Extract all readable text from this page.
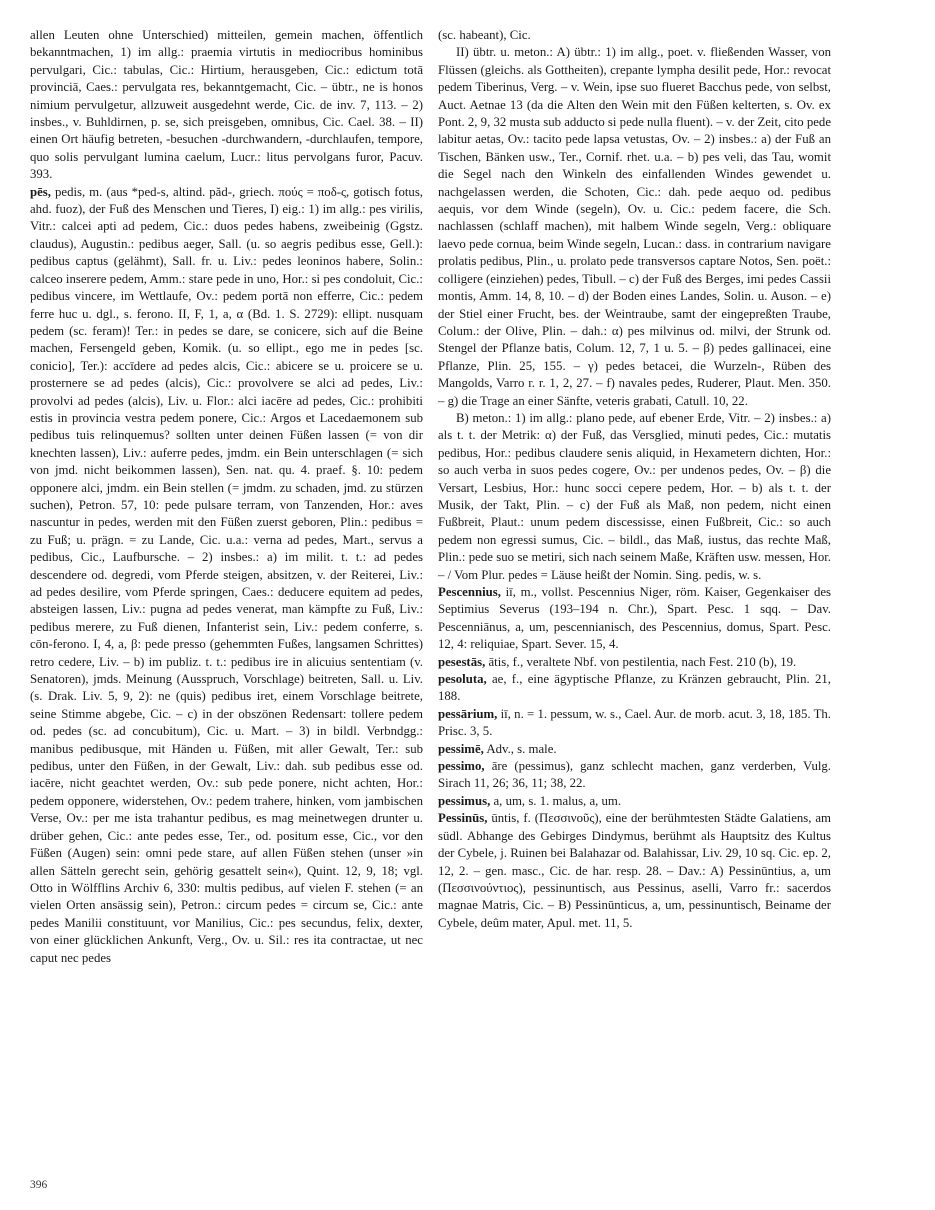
allen Leuten ohne Unterschied) mitteilen, gemein machen, öffentlich bekanntmachen, 1) im allg.: praemia virtutis in mediocribus hominibus pervulgari, Cic.: tabulas, Cic.: Hirtium, herausgeben, Cic.: edictum totā provinciā, Caes.: pervulgata res, bekanntgemacht, Cic. – übtr., ne is honos nimium pervulgetur, allzuweit ausgedehnt werde, Cic. de inv. 7, 113. – 2) insbes., v. Buhldirnen, p. se, sich preisgeben, omnibus, Cic. Cael. 38. – II) einen Ort häufig betreten, -besuchen -durchwandern, -durchlaufen, tempore, quo solis pervulgant lumina caelum, Lucr.: litus pervolgans furor, Pacuv. 393.

pēs, pedis, m. (aus *ped-s, altind. păd-, griech. πούς = ποδ-ς, gotisch fotus, ahd. fuoz), der Fuß des Menschen und Tieres, I) eig.: 1) im allg.: pes virilis, Vitr.: calcei apti ad pedem, Cic.: duos pedes habens, zweibeinig (Ggstz. claudus), Augustin.: pedibus aeger, Sall. (u. so aegris pedibus esse, Gell.): pedibus captus (gelähmt), Sall. fr. u. Liv.: pedes leoninos habere, Solin.: calceo inserere pedem, Amm.: stare pede in uno, Hor.: si pes condoluit, Cic.: pedibus vincere, im Wettlaufe, Ov.: pedem portā non efferre, Cic.: pedem ferre huc u. dgl., s. ferono. II, F, 1, a, α (Bd. 1. S. 2729): ellipt. nusquam pedem (sc. feram)! Ter.: in pedes se dare, se conicere, sich auf die Beine machen, Fersengeld geben, Komik. (u. so ellipt., ego me in pedes [sc. conicio], Ter.): accīdere ad pedes alcis, Cic.: abicere se u. proicere se u. prosternere se ad pedes (alcis), Cic.: provolvere se alci ad pedes, Liv.: provolvi ad pedes (alcis), Liv. u. Flor.: alci iacēre ad pedes, Cic.: prohibiti estis in provincia vestra pedem ponere, Cic.: Argos et Lacedaemonem sub pedibus tuis relinquemus? sollten unter deinen Füßen lassen (= von dir knechten lassen), Liv.: auferre pedes, jmdm. ein Bein unterschlagen (= sich von jmd. nicht beikommen lassen), Sen. nat. qu. 4. praef. §. 10: pedem opponere alci, jmdm. ein Bein stellen (= jmdm. zu schaden, jmd. zu stürzen suchen), Petron. 57, 10: pede pulsare terram, von Tanzenden, Hor.: aves nascuntur in pedes, werden mit den Füßen zuerst geboren, Plin.: pedibus = zu Fuß; u. prägn. = zu Lande, Cic. u.a.: verna ad pedes, Mart., servus a pedibus, Cic., Laufbursche. – 2) insbes.: a) im milit. t. t.: ad pedes descendere od. degredi, vom Pferde steigen, absitzen, v. der Reiterei, Liv.: ad pedes desilire, vom Pferde springen, Caes.: deducere equitem ad pedes, absteigen lassen, Liv.: pugna ad pedes venerat, man kämpfte zu Fuß, Liv.: pedibus merere, zu Fuß dienen, Infanterist sein, Liv.: pedem conferre, s. cōn-ferono. I, 4, a, β: pede presso (gehemmten Fußes, langsamen Schrittes) retro cedere, Liv. – b) im publiz. t. t.: pedibus ire in alicuius sententiam (v. Senatoren), jmds. Meinung (Ausspruch, Vorschlage) beitreten, Sall. u. Liv. (s. Drak. Liv. 5, 9, 2): ne (quis) pedibus iret, einem Vorschlage beitrete, seine Stimme abgebe, Cic. – c) in der obszönen Redensart: tollere pedem od. pedes (sc. ad concubitum), Cic. u. Mart. – 3) in bildl. Verbndgg.: manibus pedibusque, mit Händen u. Füßen, mit aller Gewalt, Ter.: sub pedibus, unter den Füßen, in der Gewalt, Liv.: dah. sub pedibus esse od. iacēre, nicht geachtet werden, Ov.: sub pede ponere, nicht achten, Hor.: pedem opponere, widerstehen, Ov.: pedem trahere, hinken, vom jambischen Verse, Ov.: per me ista trahantur pedibus, es mag meinetwegen drunter u. drüber gehen, Cic.: ante pedes esse, Ter., od. positum esse, Cic., vor den Füßen (Augen) sein: omni pede stare, auf allen Füßen stehen (unser »in allen Sätteln gerecht sein, gehörig gesattelt sein«), Quint. 12, 9, 18; vgl. Otto in Wölfflins Archiv 6, 330: multis pedibus, auf vielen F. stehen (= an vielen Orten ansässig sein), Petron.: circum pedes = circum se, Cic.: ante pedes Manilii constituunt, vor Manilius, Cic.: pes secundus, felix, dexter, von einer glücklichen Ankunft, Verg., Ov. u. Sil.: res ita contractae, ut nec caput nec pedes

(sc. habeant), Cic.

II) übtr. u. meton.: A) übtr.: 1) im allg., poet. v. fließenden Wasser, von Flüssen (gleichs. als Gottheiten), crepante lympha desilit pede, Hor.: revocat pedem Tiberinus, Verg. – v. Wein, ipse suo flueret Bacchus pede, von selbst, Auct. Aetnae 13 (da die Alten den Wein mit den Füßen kelterten, s. Ov. ex Pont. 2, 9, 32 musta sub adducto si pede nulla fluent). – v. der Zeit, cito pede labitur aetas, Ov.: tacito pede lapsa vetustas, Ov. – 2) insbes.: a) der Fuß an Tischen, Bänken usw., Ter., Cornif. rhet. u.a. – b) pes veli, das Tau, womit die Segel nach den Winkeln des einfallenden Windes gewendet u. nachgelassen werden, die Schoten, Cic.: dah. pede aequo od. pedibus aequis, vor dem Winde (segeln), Ov. u. Cic.: pedem facere, die Sch. nachlassen (schlaff machen), mit halbem Winde segeln, Verg.: obliquare laevo pede cornua, beim Winde segeln, Lucan.: dass. in contrarium navigare prolatis pedibus, Plin., u. prolato pede transversos captare Notos, Sen. poët.: colligere (einziehen) pedes, Tibull. – c) der Fuß des Berges, imi pedes Cassii montis, Amm. 14, 8, 10. – d) der Boden eines Landes, Solin. u. Auson. – e) der Stiel einer Frucht, bes. der Weintraube, samt der eingepreßten Traube, Colum.: der Olive, Plin. – dah.: α) pes milvinus od. milvi, der Strunk od. Stengel der Pflanze batis, Colum. 12, 7, 1 u. 5. – β) pedes gallinacei, eine Pflanze, Plin. 25, 155. – γ) pedes betacei, die Wurzeln-, Rüben des Mangolds, Varro r. r. 1, 2, 27. – f) navales pedes, Ruderer, Plaut. Men. 350. – g) die Trage an einer Sänfte, veteris grabati, Catull. 10, 22.

B) meton.: 1) im allg.: plano pede, auf ebener Erde, Vitr. – 2) insbes.: a) als t. t. der Metrik: α) der Fuß, das Versglied, minuti pedes, Cic.: mutatis pedibus, Hor.: pedibus claudere senis aliquid, in Hexametern dichten, Hor.: so auch verba in suos pedes cogere, Ov.: per undenos pedes, Ov. – β) die Versart, Lesbius, Hor.: hunc socci cepere pedem, Hor. – b) als t. t. der Musik, der Takt, Plin. – c) der Fuß als Maß, non pedem, nicht einen Fußbreit, Plaut.: unum pedem discessisse, einen Fußbreit, Cic.: so auch pedem non egressi sumus, Cic. – bildl., das Maß, iustus, das rechte Maß, Plin.: pede suo se metiri, sich nach seinem Maße, Kräften usw. messen, Hor. – / Vom Plur. pedes = Läuse heißt der Nomin. Sing. pedis, w. s.

Pescennius, iī, m., vollst. Pescennius Niger, röm. Kaiser, Gegenkaiser des Septimius Severus (193–194 n. Chr.), Spart. Pesc. 1 sqq. – Dav. Pescenniānus, a, um, pescennianisch, des Pescennius, domus, Spart. Pesc. 12, 4: reliquiae, Spart. Sever. 15, 4.

pesestās, ātis, f., veraltete Nbf. von pestilentia, nach Fest. 210 (b), 19.

pesoluta, ae, f., eine ägyptische Pflanze, zu Kränzen gebraucht, Plin. 21, 188.

pessārium, iī, n. = 1. pessum, w. s., Cael. Aur. de morb. acut. 3, 18, 185. Th. Prisc. 3, 5.

pessimē, Adv., s. male.

pessimo, āre (pessimus), ganz schlecht machen, ganz verderben, Vulg. Sirach 11, 26; 36, 11; 38, 22.

pessimus, a, um, s. 1. malus, a, um.

Pessinūs, ūntis, f. (Πεσσινοῦς), eine der berühmtesten Städte Galatiens, am südl. Abhange des Gebirges Dindymus, berühmt als Hauptsitz des Kultus der Cybele, j. Ruinen bei Balahazar od. Balahissar, Liv. 29, 10 sq. Cic. ep. 2, 12, 2. – gen. masc., Cic. de har. resp. 28. – Dav.: A) Pessinūntius, a, um (Πεσσινούντιος), pessinuntisch, aus Pessinus, aselli, Varro fr.: sacerdos magnae Matris, Cic. – B) Pessinūnticus, a, um, pessinuntisch, Beiname der Cybele, deûm mater, Apul. met. 11, 5.

396
